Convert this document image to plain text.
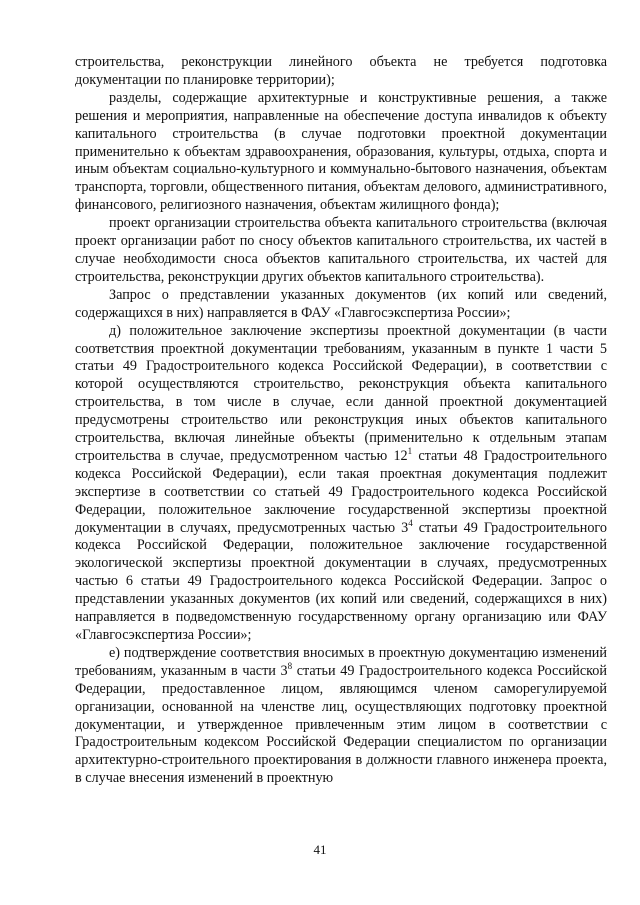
строительства, реконструкции линейного объекта не требуется подготовка документации по планировке территории);

разделы, содержащие архитектурные и конструктивные решения, а также решения и мероприятия, направленные на обеспечение доступа инвалидов к объекту капитального строительства (в случае подготовки проектной документации применительно к объектам здравоохранения, образования, культуры, отдыха, спорта и иным объектам социально-культурного и коммунально-бытового назначения, объектам транспорта, торговли, общественного питания, объектам делового, административного, финансового, религиозного назначения, объектам жилищного фонда);

проект организации строительства объекта капитального строительства (включая проект организации работ по сносу объектов капитального строительства, их частей в случае необходимости сноса объектов капитального строительства, их частей для строительства, реконструкции других объектов капитального строительства).

Запрос о представлении указанных документов (их копий или сведений, содержащихся в них) направляется в ФАУ «Главгосэкспертиза России»;

д) положительное заключение экспертизы проектной документации (в части соответствия проектной документации требованиям, указанным в пункте 1 части 5 статьи 49 Градостроительного кодекса Российской Федерации), в соответствии с которой осуществляются строительство, реконструкция объекта капитального строительства, в том числе в случае, если данной проектной документацией предусмотрены строительство или реконструкция иных объектов капитального строительства, включая линейные объекты (применительно к отдельным этапам строительства в случае, предусмотренном частью $12^1$ статьи 48 Градостроительного кодекса Российской Федерации), если такая проектная документация подлежит экспертизе в соответствии со статьей 49 Градостроительного кодекса Российской Федерации, положительное заключение государственной экспертизы проектной документации в случаях, предусмотренных частью $3^4$ статьи 49 Градостроительного кодекса Российской Федерации, положительное заключение государственной экологической экспертизы проектной документации в случаях, предусмотренных частью 6 статьи 49 Градостроительного кодекса Российской Федерации. Запрос о представлении указанных документов (их копий или сведений, содержащихся в них) направляется в подведомственную государственному органу организацию или ФАУ «Главгосэкспертиза России»;

е) подтверждение соответствия вносимых в проектную документацию изменений требованиям, указанным в части $3^8$ статьи 49 Градостроительного кодекса Российской Федерации, предоставленное лицом, являющимся членом саморегулируемой организации, основанной на членстве лиц, осуществляющих подготовку проектной документации, и утвержденное привлеченным этим лицом в соответствии с Градостроительным кодексом Российской Федерации специалистом по организации архитектурно-строительного проектирования в должности главного инженера проекта, в случае внесения изменений в проектную

41
